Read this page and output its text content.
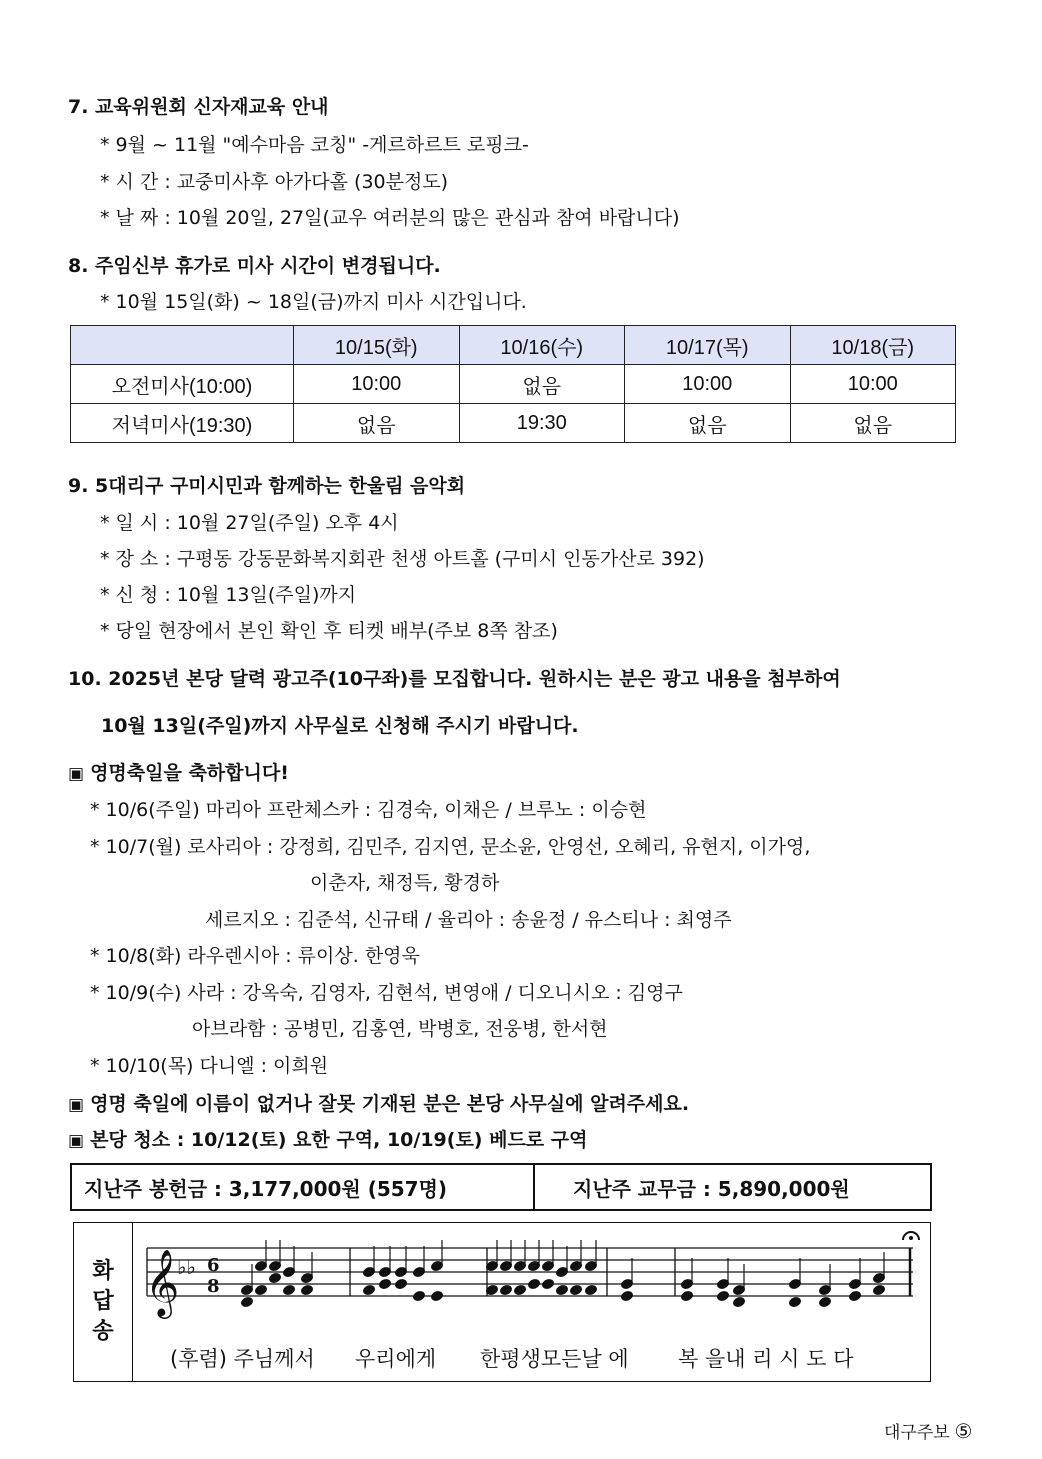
7. 교육위원회 신자재교육 안내
* 9월 ~ 11월 "예수마음 코칭" -게르하르트 로핑크-
* 시 간 : 교중미사후 아가다홀 (30분정도)
* 날 짜 : 10월 20일, 27일(교우 여러분의 많은 관심과 참여 바랍니다)
8. 주임신부 휴가로 미사 시간이 변경됩니다.
* 10월 15일(화) ~ 18일(금)까지 미사 시간입니다.
	10/15(화)	10/16(수)	10/17(목)	10/18(금)
오전미사(10:00)	10:00	없음	10:00	10:00
저녁미사(19:30)	없음	19:30	없음	없음
9. 5대리구 구미시민과 함께하는 한울림 음악회
* 일 시 : 10월 27일(주일) 오후 4시
* 장 소 : 구평동 강동문화복지회관 천생 아트홀 (구미시 인동가산로 392)
* 신 청 : 10월 13일(주일)까지
* 당일 현장에서 본인 확인 후 티켓 배부(주보 8쪽 참조)
10. 2025년 본당 달력 광고주(10구좌)를 모집합니다. 원하시는 분은 광고 내용을 첨부하여
10월 13일(주일)까지 사무실로 신청해 주시기 바랍니다.
▣ 영명축일을 축하합니다!
* 10/6(주일) 마리아 프란체스카 : 김경숙, 이채은 / 브루노 : 이승현
* 10/7(월) 로사리아 : 강정희, 김민주, 김지연, 문소윤, 안영선, 오혜리, 유현지, 이가영,
이춘자, 채정득, 황경하
세르지오 : 김준석, 신규태 / 율리아 : 송윤정 / 유스티나 : 최영주
* 10/8(화) 라우렌시아 : 류이상. 한영욱
* 10/9(수) 사라 : 강옥숙, 김영자, 김현석, 변영애 / 디오니시오 : 김영구
아브라함 : 공병민, 김홍연, 박병호, 전웅병, 한서현
* 10/10(목) 다니엘 : 이희원
▣ 영명 축일에 이름이 없거나 잘못 기재된 분은 본당 사무실에 알려주세요.
▣ 본당 청소 : 10/12(토) 요한 구역, 10/19(토) 베드로 구역
지난주 봉헌금 : 3,177,000원 (557명)	지난주 교무금 : 5,890,000원
화
답
송
𝄞
♭♭ 6
8
(후렴) 주님께서 우리에게 한평생모든날 에 복 을내 리 시 도 다
대구주보 ⑤
